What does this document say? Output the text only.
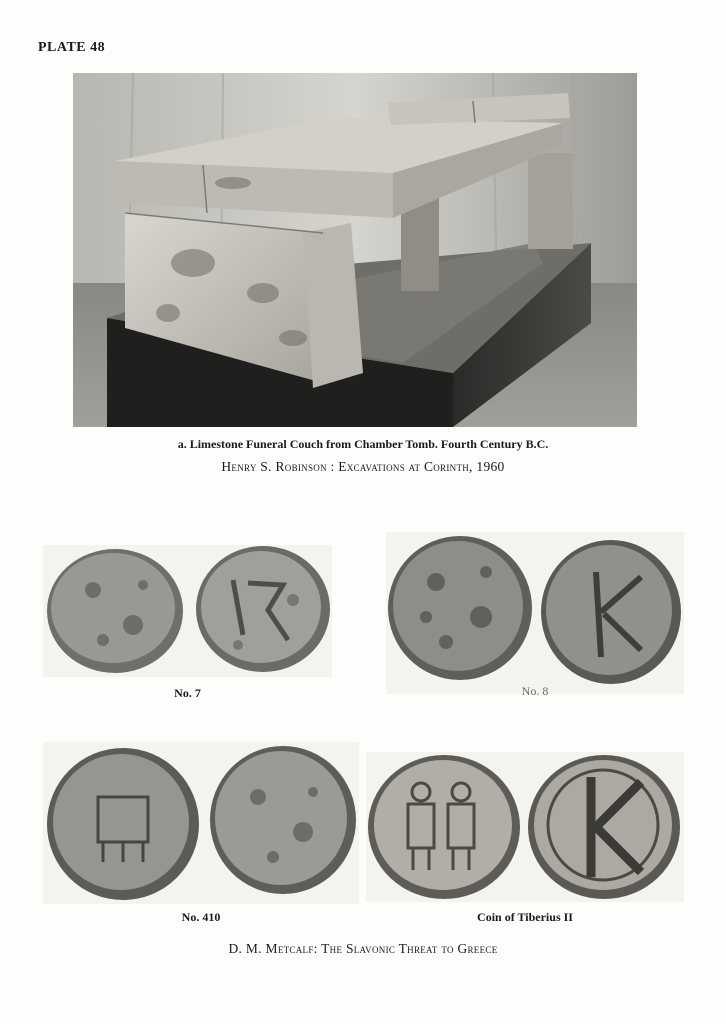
PLATE 48
a. Limestone Funeral Couch from Chamber Tomb. Fourth Century B.C.
Henry S. Robinson : Excavations at Corinth, 1960
No. 7	No. 8
No. 410	Coin of Tiberius II
D. M. Metcalf: The Slavonic Threat to Greece
